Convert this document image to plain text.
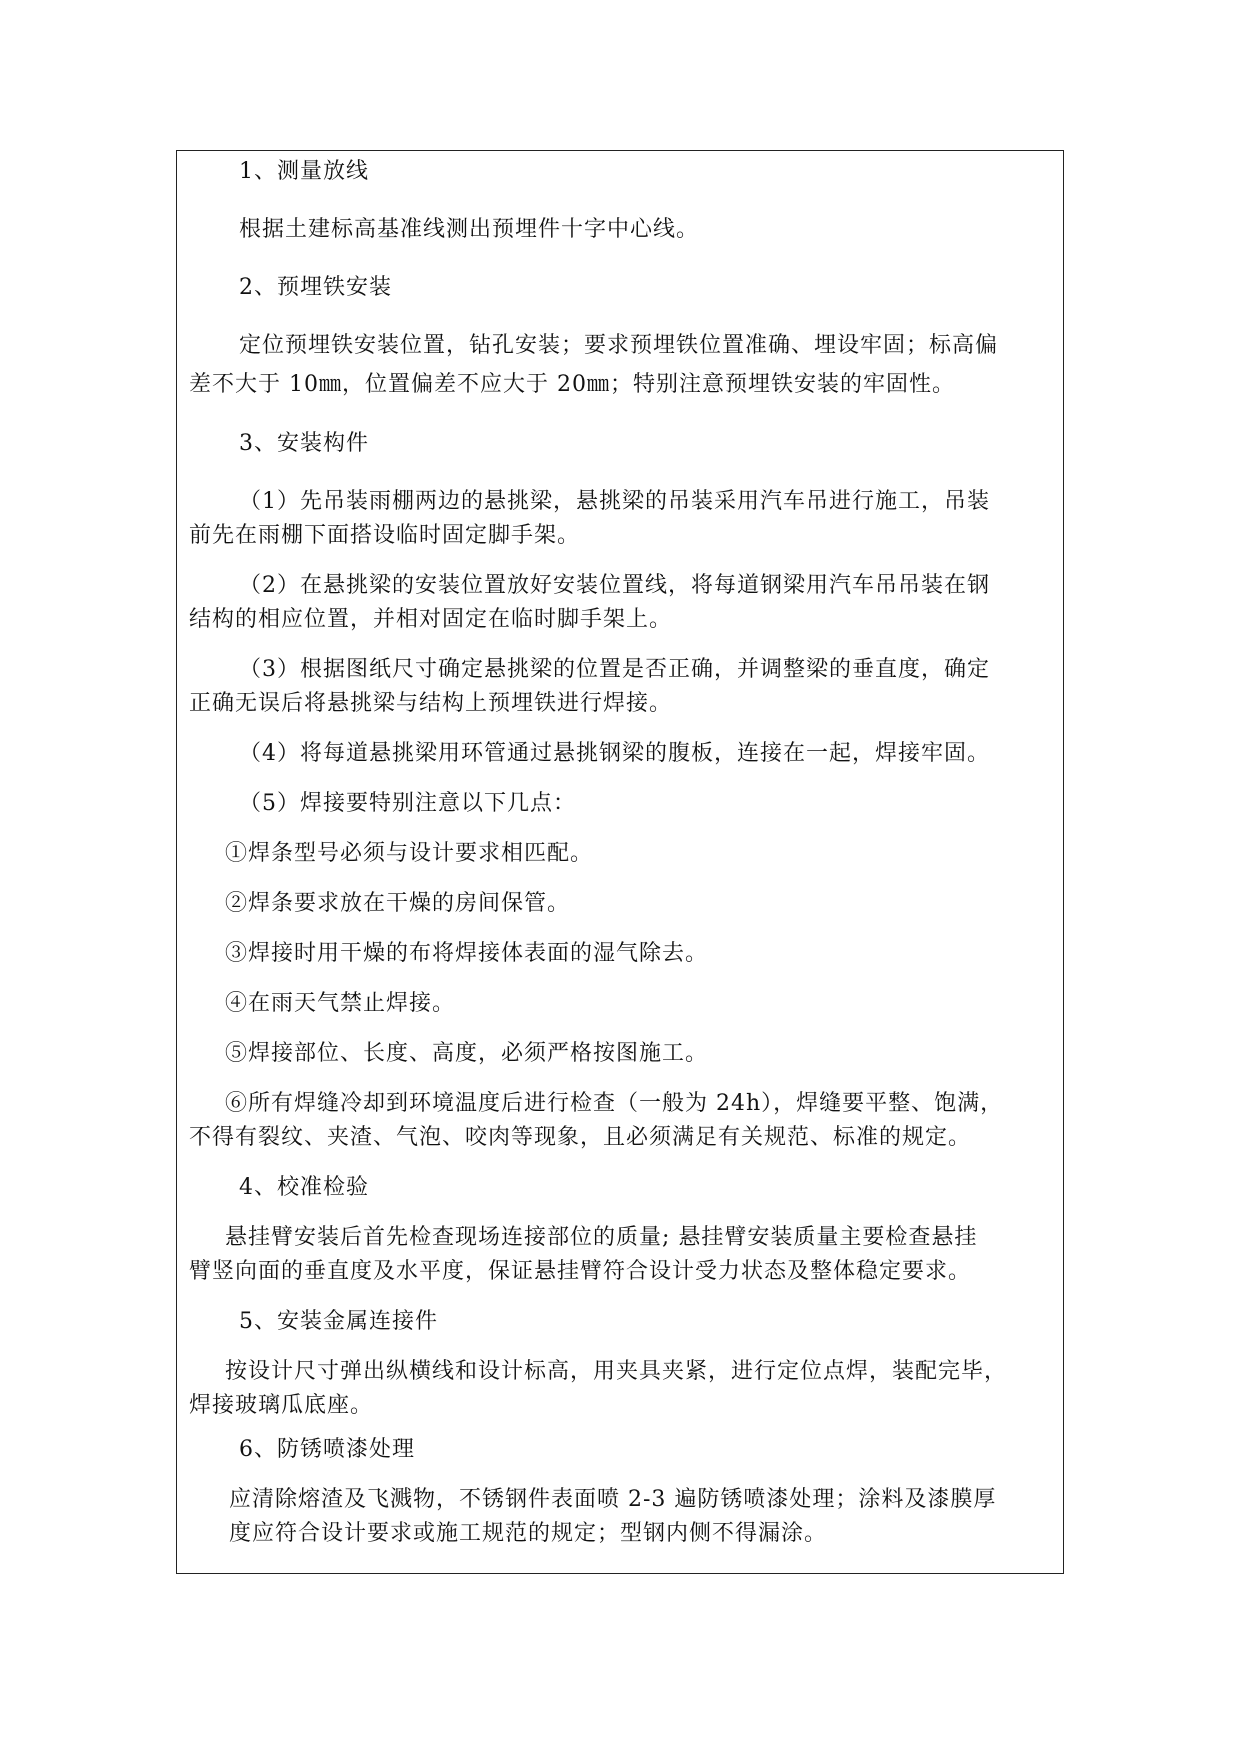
1、测量放线
根据土建标高基准线测出预埋件十字中心线。
2、预埋铁安装
定位预埋铁安装位置，钻孔安装；要求预埋铁位置准确、埋设牢固；标高偏
差不大于 10㎜，位置偏差不应大于 20㎜；特别注意预埋铁安装的牢固性。
3、安装构件
（1）先吊装雨棚两边的悬挑梁，悬挑梁的吊装采用汽车吊进行施工，吊装
前先在雨棚下面搭设临时固定脚手架。
（2）在悬挑梁的安装位置放好安装位置线，将每道钢梁用汽车吊吊装在钢
结构的相应位置，并相对固定在临时脚手架上。
（3）根据图纸尺寸确定悬挑梁的位置是否正确，并调整梁的垂直度，确定
正确无误后将悬挑梁与结构上预埋铁进行焊接。
（4）将每道悬挑梁用环管通过悬挑钢梁的腹板，连接在一起，焊接牢固。
（5）焊接要特别注意以下几点：
①焊条型号必须与设计要求相匹配。
②焊条要求放在干燥的房间保管。
③焊接时用干燥的布将焊接体表面的湿气除去。
④在雨天气禁止焊接。
⑤焊接部位、长度、高度，必须严格按图施工。
⑥所有焊缝冷却到环境温度后进行检查（一般为 24h），焊缝要平整、饱满，
不得有裂纹、夹渣、气泡、咬肉等现象，且必须满足有关规范、标准的规定。
4、校准检验
悬挂臂安装后首先检查现场连接部位的质量; 悬挂臂安装质量主要检查悬挂
臂竖向面的垂直度及水平度，保证悬挂臂符合设计受力状态及整体稳定要求。
5、安装金属连接件
按设计尺寸弹出纵横线和设计标高，用夹具夹紧，进行定位点焊，装配完毕，
焊接玻璃瓜底座。
6、防锈喷漆处理
应清除熔渣及飞溅物，不锈钢件表面喷 2-3 遍防锈喷漆处理；涂料及漆膜厚
度应符合设计要求或施工规范的规定；型钢内侧不得漏涂。
